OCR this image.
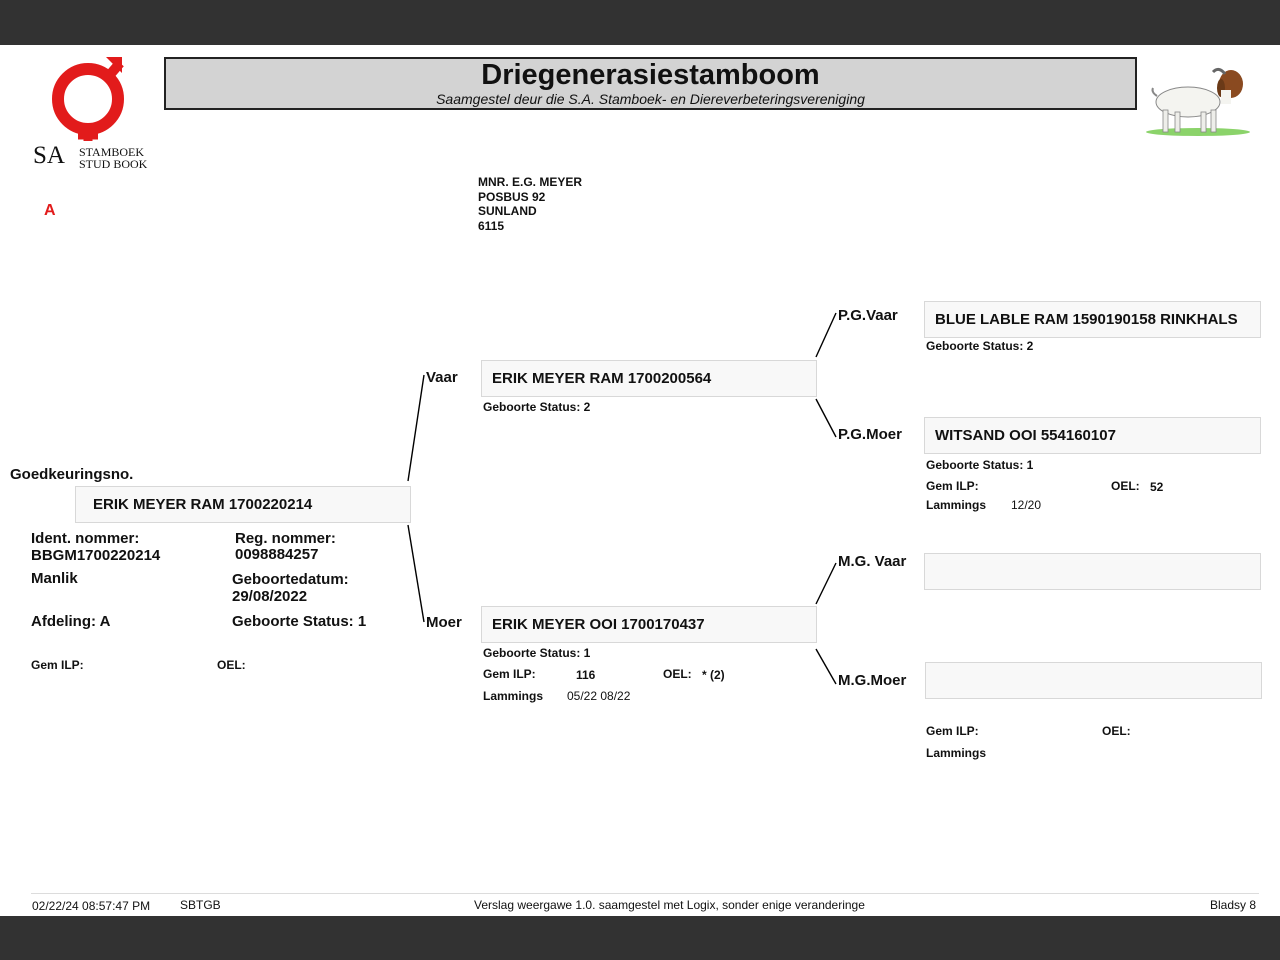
SA STAMBOEK
STUD BOOK
A
Driegenerasiestamboom
Saamgestel deur die S.A. Stamboek- en Diereverbeteringsvereniging
MNR. E.G. MEYER
POSBUS 92
SUNLAND
6115
Goedkeuringsno.
ERIK MEYER RAM 1700220214
Ident. nommer:
BBGM1700220214
Reg. nommer:
0098884257
Manlik	Geboortedatum:
29/08/2022
Afdeling: A	Geboorte Status: 1
Gem ILP:	OEL:
Vaar	ERIK MEYER RAM 1700200564
Geboorte Status: 2
Moer	ERIK MEYER OOI 1700170437
Geboorte Status: 1
Gem ILP:	116	OEL: * (2)
Lammings 05/22 08/22
P.G.Vaar	BLUE LABLE RAM 1590190158 RINKHALS
Geboorte Status: 2
P.G.Moer	WITSAND OOI 554160107
Geboorte Status: 1
Gem ILP:	OEL: 52
Lammings 12/20
M.G. Vaar
M.G.Moer
Gem ILP:	OEL:
Lammings
02/22/24 08:57:47 PM SBTGB	Verslag weergawe 1.0. saamgestel met Logix, sonder enige veranderinge	Bladsy 8
